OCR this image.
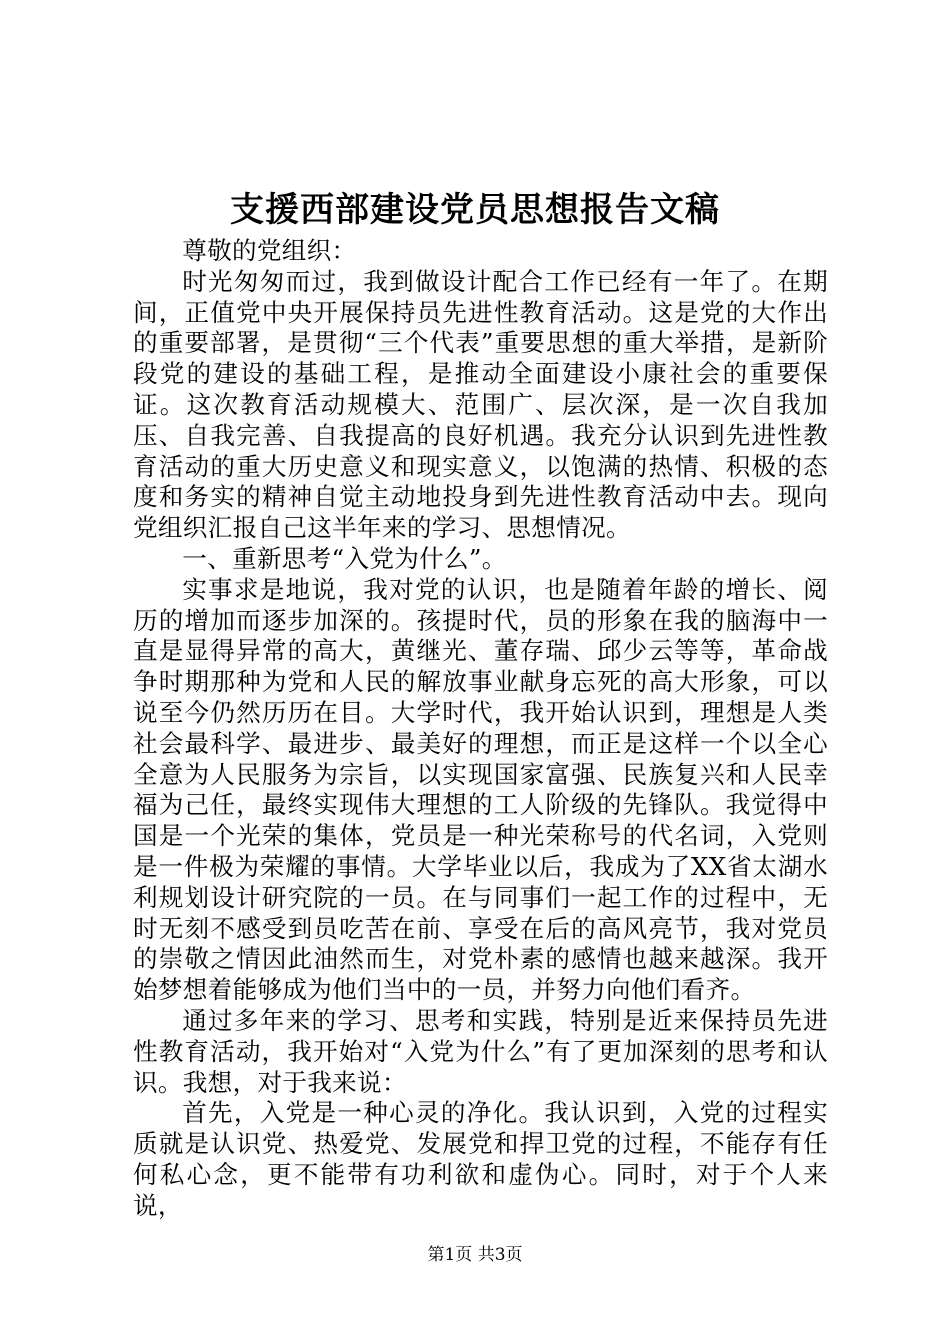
支援西部建设党员思想报告文稿

尊敬的党组织：

时光匆匆而过，我到做设计配合工作已经有一年了。在期间，正值党中央开展保持员先进性教育活动。这是党的大作出的重要部署，是贯彻“三个代表”重要思想的重大举措，是新阶段党的建设的基础工程，是推动全面建设小康社会的重要保证。这次教育活动规模大、范围广、层次深，是一次自我加压、自我完善、自我提高的良好机遇。我充分认识到先进性教育活动的重大历史意义和现实意义，以饱满的热情、积极的态度和务实的精神自觉主动地投身到先进性教育活动中去。现向党组织汇报自己这半年来的学习、思想情况。

一、重新思考“入党为什么”。

实事求是地说，我对党的认识，也是随着年龄的增长、阅历的增加而逐步加深的。孩提时代，员的形象在我的脑海中一直是显得异常的高大，黄继光、董存瑞、邱少云等等，革命战争时期那种为党和人民的解放事业献身忘死的高大形象，可以说至今仍然历历在目。大学时代，我开始认识到，理想是人类社会最科学、最进步、最美好的理想，而正是这样一个以全心全意为人民服务为宗旨，以实现国家富强、民族复兴和人民幸福为己任，最终实现伟大理想的工人阶级的先锋队。我觉得中国是一个光荣的集体，党员是一种光荣称号的代名词，入党则是一件极为荣耀的事情。大学毕业以后，我成为了XX省太湖水利规划设计研究院的一员。在与同事们一起工作的过程中，无时无刻不感受到员吃苦在前、享受在后的高风亮节，我对党员的崇敬之情因此油然而生，对党朴素的感情也越来越深。我开始梦想着能够成为他们当中的一员，并努力向他们看齐。

通过多年来的学习、思考和实践，特别是近来保持员先进性教育活动，我开始对“入党为什么”有了更加深刻的思考和认识。我想，对于我来说：

首先，入党是一种心灵的净化。我认识到，入党的过程实质就是认识党、热爱党、发展党和捍卫党的过程，不能存有任何私心念，更不能带有功利欲和虚伪心。同时，对于个人来说，

第1页 共3页
